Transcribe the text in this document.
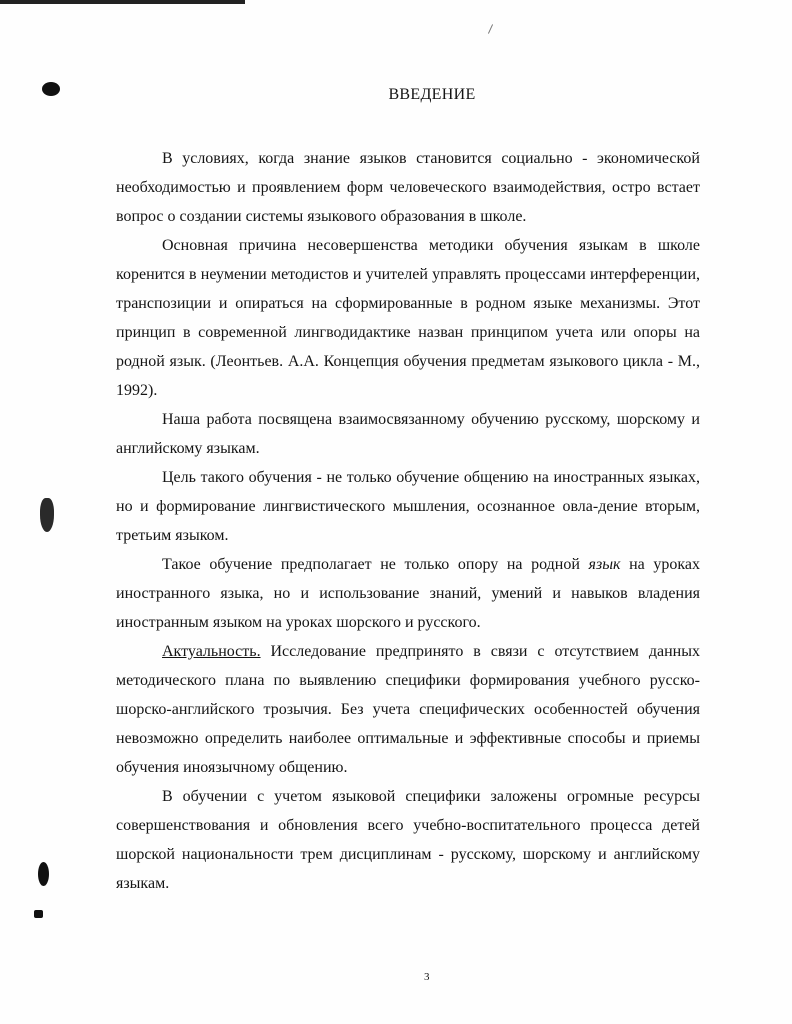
ВВЕДЕНИЕ

В условиях, когда знание языков становится социально - экономической необходимостью и проявлением форм человеческого взаимодействия, остро встает вопрос о создании системы языкового образования в школе.

Основная причина несовершенства методики обучения языкам в школе коренится в неумении методистов и учителей управлять процессами интерференции, транспозиции и опираться на сформированные в родном языке механизмы. Этот принцип в современной лингводидактике назван принципом учета или опоры на родной язык. (Леонтьев. А.А. Концепция обучения предметам языкового цикла - М., 1992).

Наша работа посвящена взаимосвязанному обучению русскому, шорскому и английскому языкам.

Цель такого обучения - не только обучение общению на иностранных языках, но и формирование лингвистического мышления, осознанное овла-дение вторым, третьим языком.

Такое обучение предполагает не только опору на родной язык на уроках иностранного языка, но и использование знаний, умений и навыков владения иностранным языком на уроках шорского и русского.

Актуальность. Исследование предпринято в связи с отсутствием данных методического плана по выявлению специфики формирования учебного русско-шорско-английского трозычия. Без учета специфических особенностей обучения невозможно определить наиболее оптимальные и эффективные способы и приемы обучения иноязычному общению.

В обучении с учетом языковой специфики заложены огромные ресурсы совершенствования и обновления всего учебно-воспитательного процесса детей шорской национальности трем дисциплинам - русскому, шорскому и английскому языкам.

3
